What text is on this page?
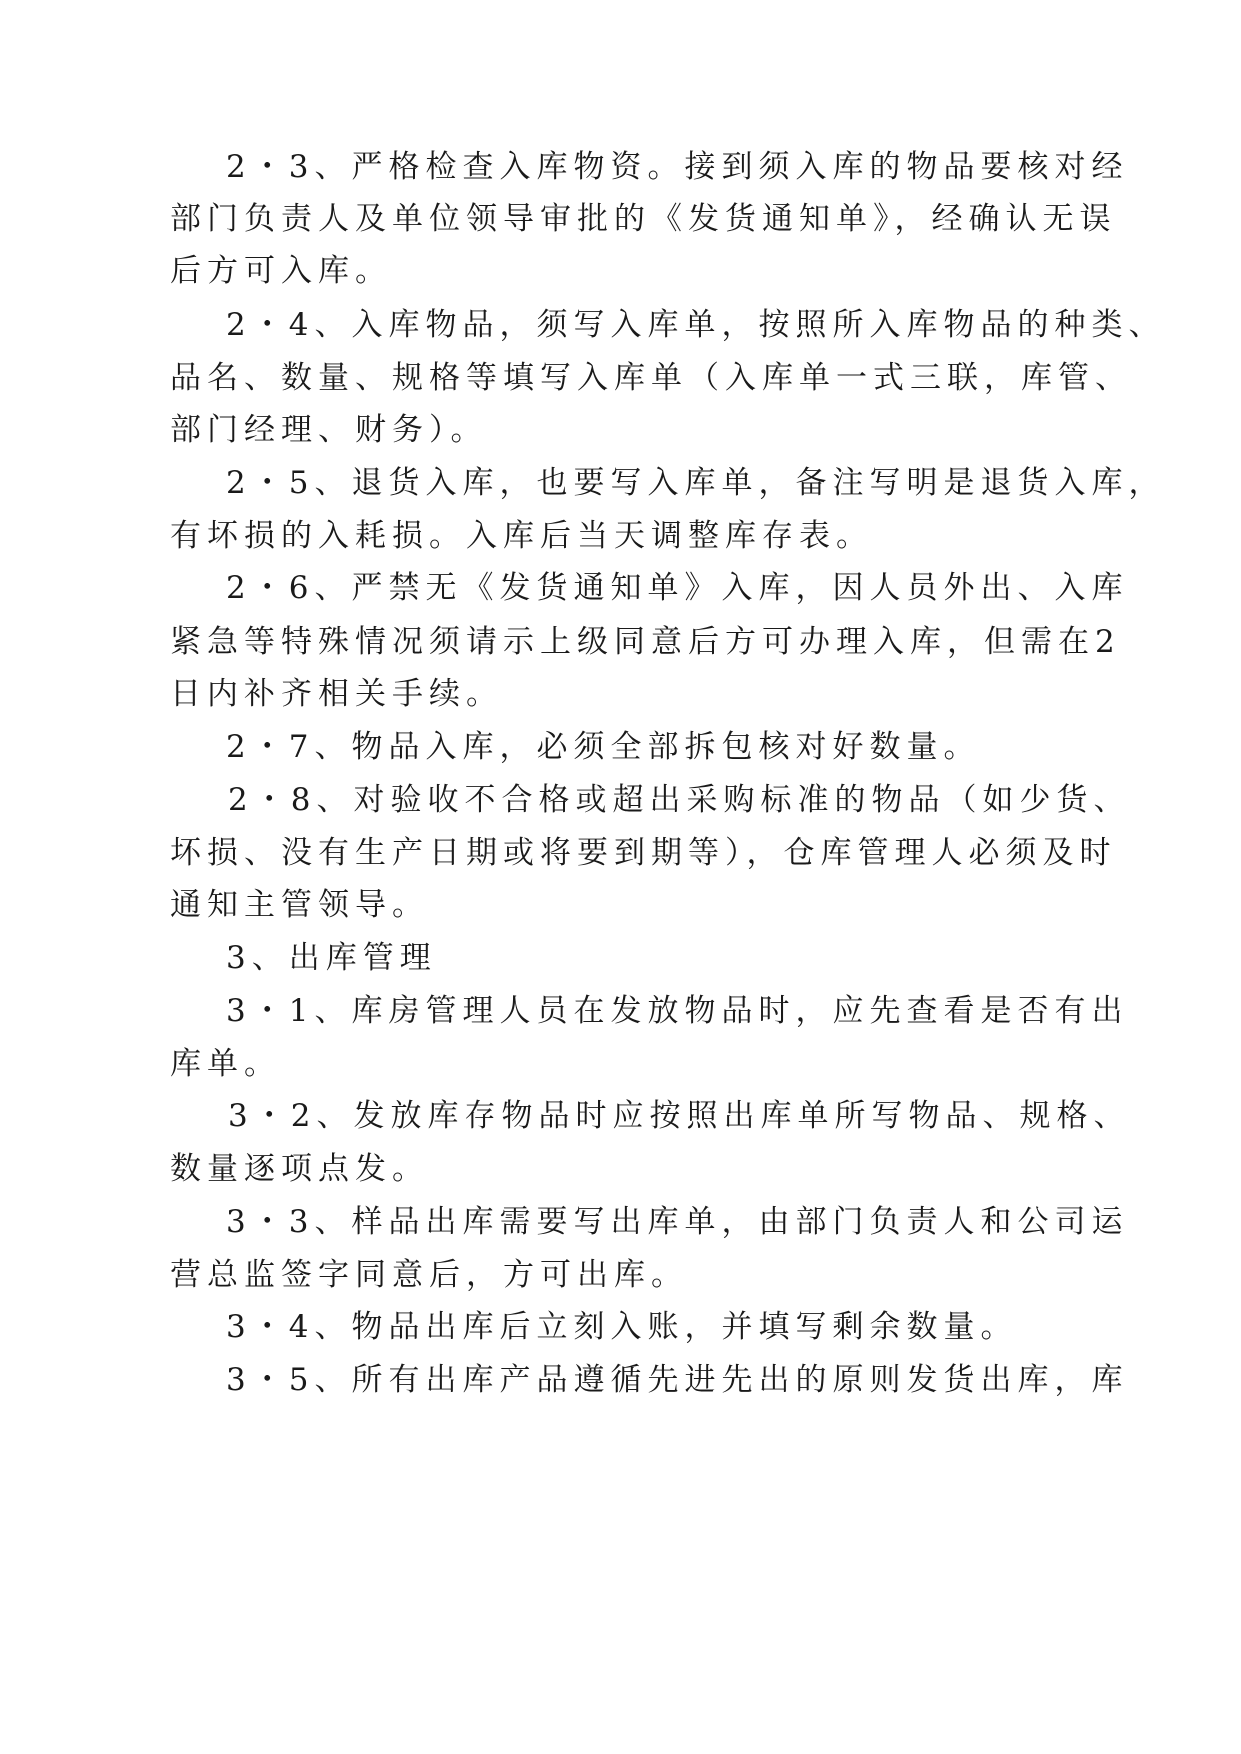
2・3、严格检查入库物资。接到须入库的物品要核对经
部门负责人及单位领导审批的《发货通知单》，经确认无误
后方可入库。
2・4、入库物品，须写入库单，按照所入库物品的种类、
品名、数量、规格等填写入库单（入库单一式三联，库管、
部门经理、财务）。
2・5、退货入库，也要写入库单，备注写明是退货入库，
有坏损的入耗损。入库后当天调整库存表。
2・6、严禁无《发货通知单》入库，因人员外出、入库
紧急等特殊情况须请示上级同意后方可办理入库，但需在2
日内补齐相关手续。
2・7、物品入库，必须全部拆包核对好数量。
2・8、对验收不合格或超出采购标准的物品（如少货、
坏损、没有生产日期或将要到期等），仓库管理人必须及时
通知主管领导。
3、出库管理
3・1、库房管理人员在发放物品时，应先查看是否有出
库单。
3・2、发放库存物品时应按照出库单所写物品、规格、
数量逐项点发。
3・3、样品出库需要写出库单，由部门负责人和公司运
营总监签字同意后，方可出库。
3・4、物品出库后立刻入账，并填写剩余数量。
3・5、所有出库产品遵循先进先出的原则发货出库，库
